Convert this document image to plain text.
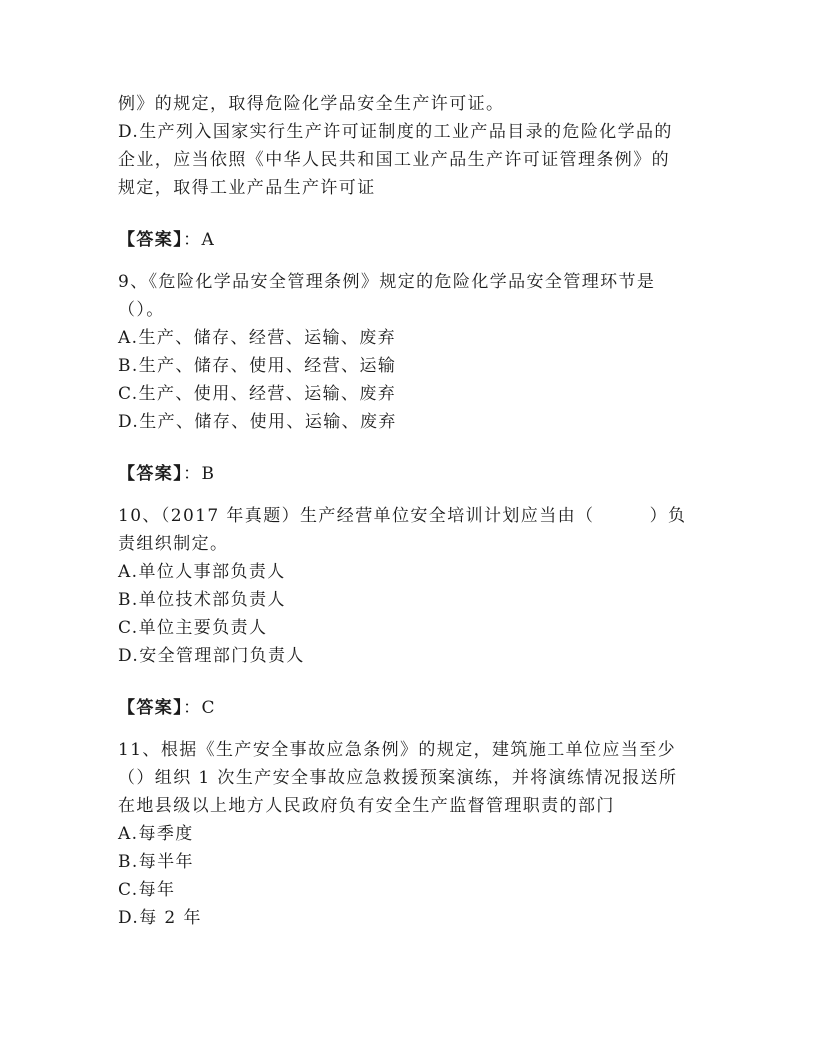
例》的规定，取得危险化学品安全生产许可证。
D.生产列入国家实行生产许可证制度的工业产品目录的危险化学品的
企业，应当依照《中华人民共和国工业产品生产许可证管理条例》的
规定，取得工业产品生产许可证
【答案】：A
9、《危险化学品安全管理条例》规定的危险化学品安全管理环节是
（）。
A.生产、储存、经营、运输、废弃
B.生产、储存、使用、经营、运输
C.生产、使用、经营、运输、废弃
D.生产、储存、使用、运输、废弃
【答案】：B
10、（2017 年真题）生产经营单位安全培训计划应当由（　　　）负
责组织制定。
A.单位人事部负责人
B.单位技术部负责人
C.单位主要负责人
D.安全管理部门负责人
【答案】：C
11、根据《生产安全事故应急条例》的规定，建筑施工单位应当至少
（）组织 1 次生产安全事故应急救援预案演练，并将演练情况报送所
在地县级以上地方人民政府负有安全生产监督管理职责的部门
A.每季度
B.每半年
C.每年
D.每 2 年
